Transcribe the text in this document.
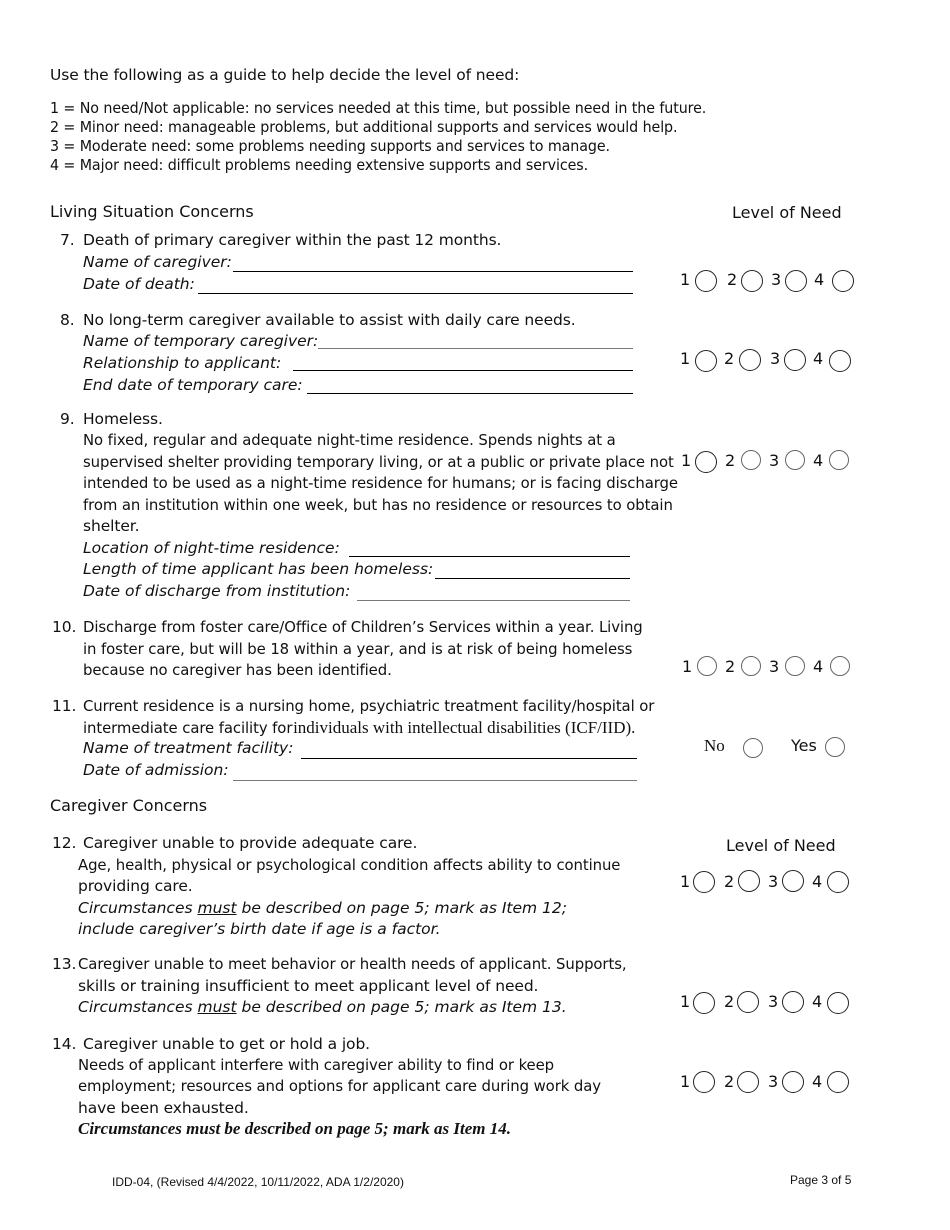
Use the following as a guide to help decide the level of need:
1 = No need/Not applicable: no services needed at this time, but possible need in the future.
2 = Minor need: manageable problems, but additional supports and services would help.
3 = Moderate need: some problems needing supports and services to manage.
4 = Major need: difficult problems needing extensive supports and services.
Living Situation Concerns	Level of Need
7. Death of primary caregiver within the past 12 months.
Name of caregiver:
Date of death:	1 2 3 4
8. No long-term caregiver available to assist with daily care needs.
Name of temporary caregiver:
Relationship to applicant:
End date of temporary care:
1 2 3 4
9. Homeless.
No fixed, regular and adequate night-time residence. Spends nights at a
supervised shelter providing temporary living, or at a public or private place not
intended to be used as a night-time residence for humans; or is facing discharge
from an institution within one week, but has no residence or resources to obtain
shelter.
Location of night-time residence:
Length of time applicant has been homeless:
Date of discharge from institution:
1 2 3 4
10. Discharge from foster care/Office of Children’s Services within a year. Living
in foster care, but will be 18 within a year, and is at risk of being homeless
because no caregiver has been identified.	1 2 3 4
11. Current residence is a nursing home, psychiatric treatment facility/hospital or
intermediate care facility forindividuals with intellectual disabilities (ICF/IID).
Name of treatment facility:
Date of admission:
No	Yes
Caregiver Concerns
Level of Need
12. Caregiver unable to provide adequate care.
Age, health, physical or psychological condition affects ability to continue
providing care.
Circumstances must be described on page 5; mark as Item 12;
include caregiver’s birth date if age is a factor.
1 2 3 4
13. Caregiver unable to meet behavior or health needs of applicant. Supports,
skills or training insufficient to meet applicant level of need.
Circumstances must be described on page 5; mark as Item 13.	1 2 3 4
14. Caregiver unable to get or hold a job.
Needs of applicant interfere with caregiver ability to find or keep
employment; resources and options for applicant care during work day
have been exhausted.
Circumstances must be described on page 5; mark as Item 14.
1 2 3 4
IDD-04, (Revised 4/4/2022, 10/11/2022, ADA 1/2/2020)	Page 3 of 5
